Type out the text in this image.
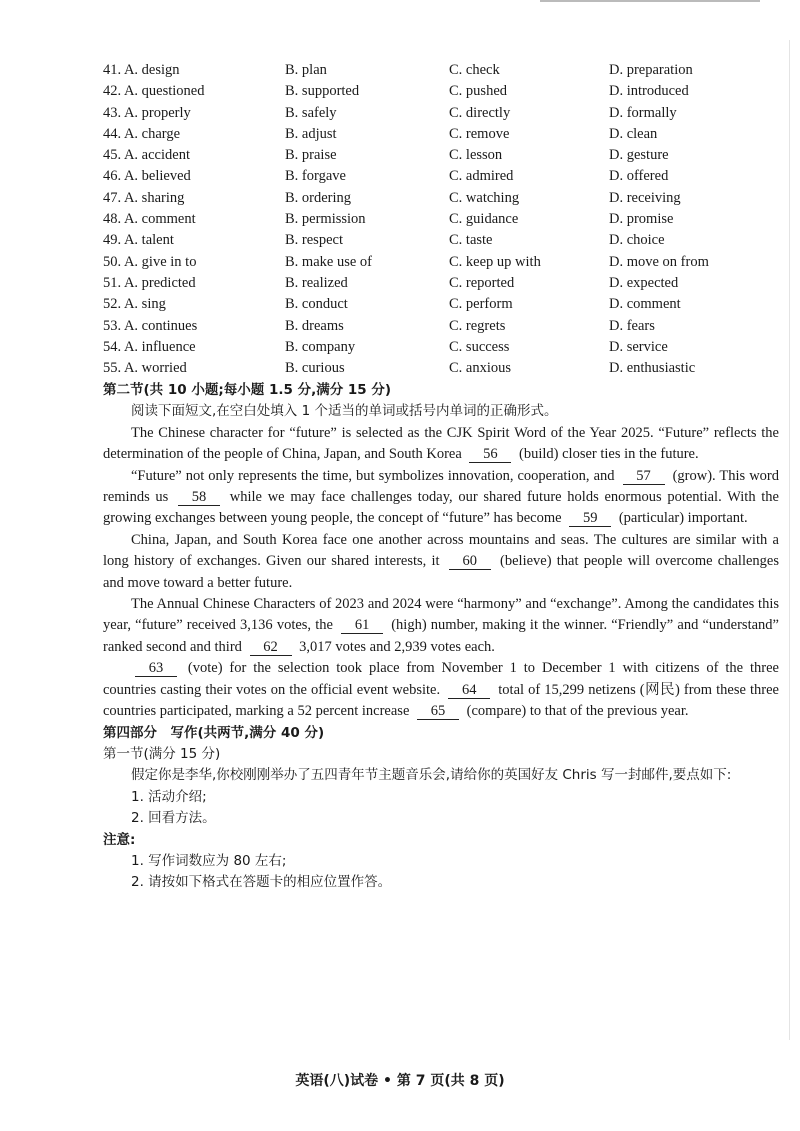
41. A. design	B. plan	C. check	D. preparation
42. A. questioned	B. supported	C. pushed	D. introduced
43. A. properly	B. safely	C. directly	D. formally
44. A. charge	B. adjust	C. remove	D. clean
45. A. accident	B. praise	C. lesson	D. gesture
46. A. believed	B. forgave	C. admired	D. offered
47. A. sharing	B. ordering	C. watching	D. receiving
48. A. comment	B. permission	C. guidance	D. promise
49. A. talent	B. respect	C. taste	D. choice
50. A. give in to	B. make use of	C. keep up with	D. move on from
51. A. predicted	B. realized	C. reported	D. expected
52. A. sing	B. conduct	C. perform	D. comment
53. A. continues	B. dreams	C. regrets	D. fears
54. A. influence	B. company	C. success	D. service
55. A. worried	B. curious	C. anxious	D. enthusiastic

第二节(共 10 小题;每小题 1.5 分,满分 15 分)

阅读下面短文,在空白处填入 1 个适当的单词或括号内单词的正确形式。

The Chinese character for “future” is selected as the CJK Spirit Word of the Year 2025. “Future” reflects the determination of the people of China, Japan, and South Korea 56 (build) closer ties in the future.

“Future” not only represents the time, but symbolizes innovation, cooperation, and 57 (grow). This word reminds us 58 while we may face challenges today, our shared future holds enormous potential. With the growing exchanges between young people, the concept of “future” has become 59 (particular) important.

China, Japan, and South Korea face one another across mountains and seas. The cultures are similar with a long history of exchanges. Given our shared interests, it 60 (believe) that people will overcome challenges and move toward a better future.

The Annual Chinese Characters of 2023 and 2024 were “harmony” and “exchange”. Among the candidates this year, “future” received 3,136 votes, the 61 (high) number, making it the winner. “Friendly” and “understand” ranked second and third 62 3,017 votes and 2,939 votes each.

63 (vote) for the selection took place from November 1 to December 1 with citizens of the three countries casting their votes on the official event website. 64 total of 15,299 netizens (网民) from these three countries participated, marking a 52 percent increase 65 (compare) to that of the previous year.

第四部分　写作(共两节,满分 40 分)

第一节(满分 15 分)

假定你是李华,你校刚刚举办了五四青年节主题音乐会,请给你的英国好友 Chris 写一封邮件,要点如下:

1. 活动介绍;

2. 回看方法。

注意:

1. 写作词数应为 80 左右;

2. 请按如下格式在答题卡的相应位置作答。

英语(八)试卷 • 第 7 页(共 8 页)
